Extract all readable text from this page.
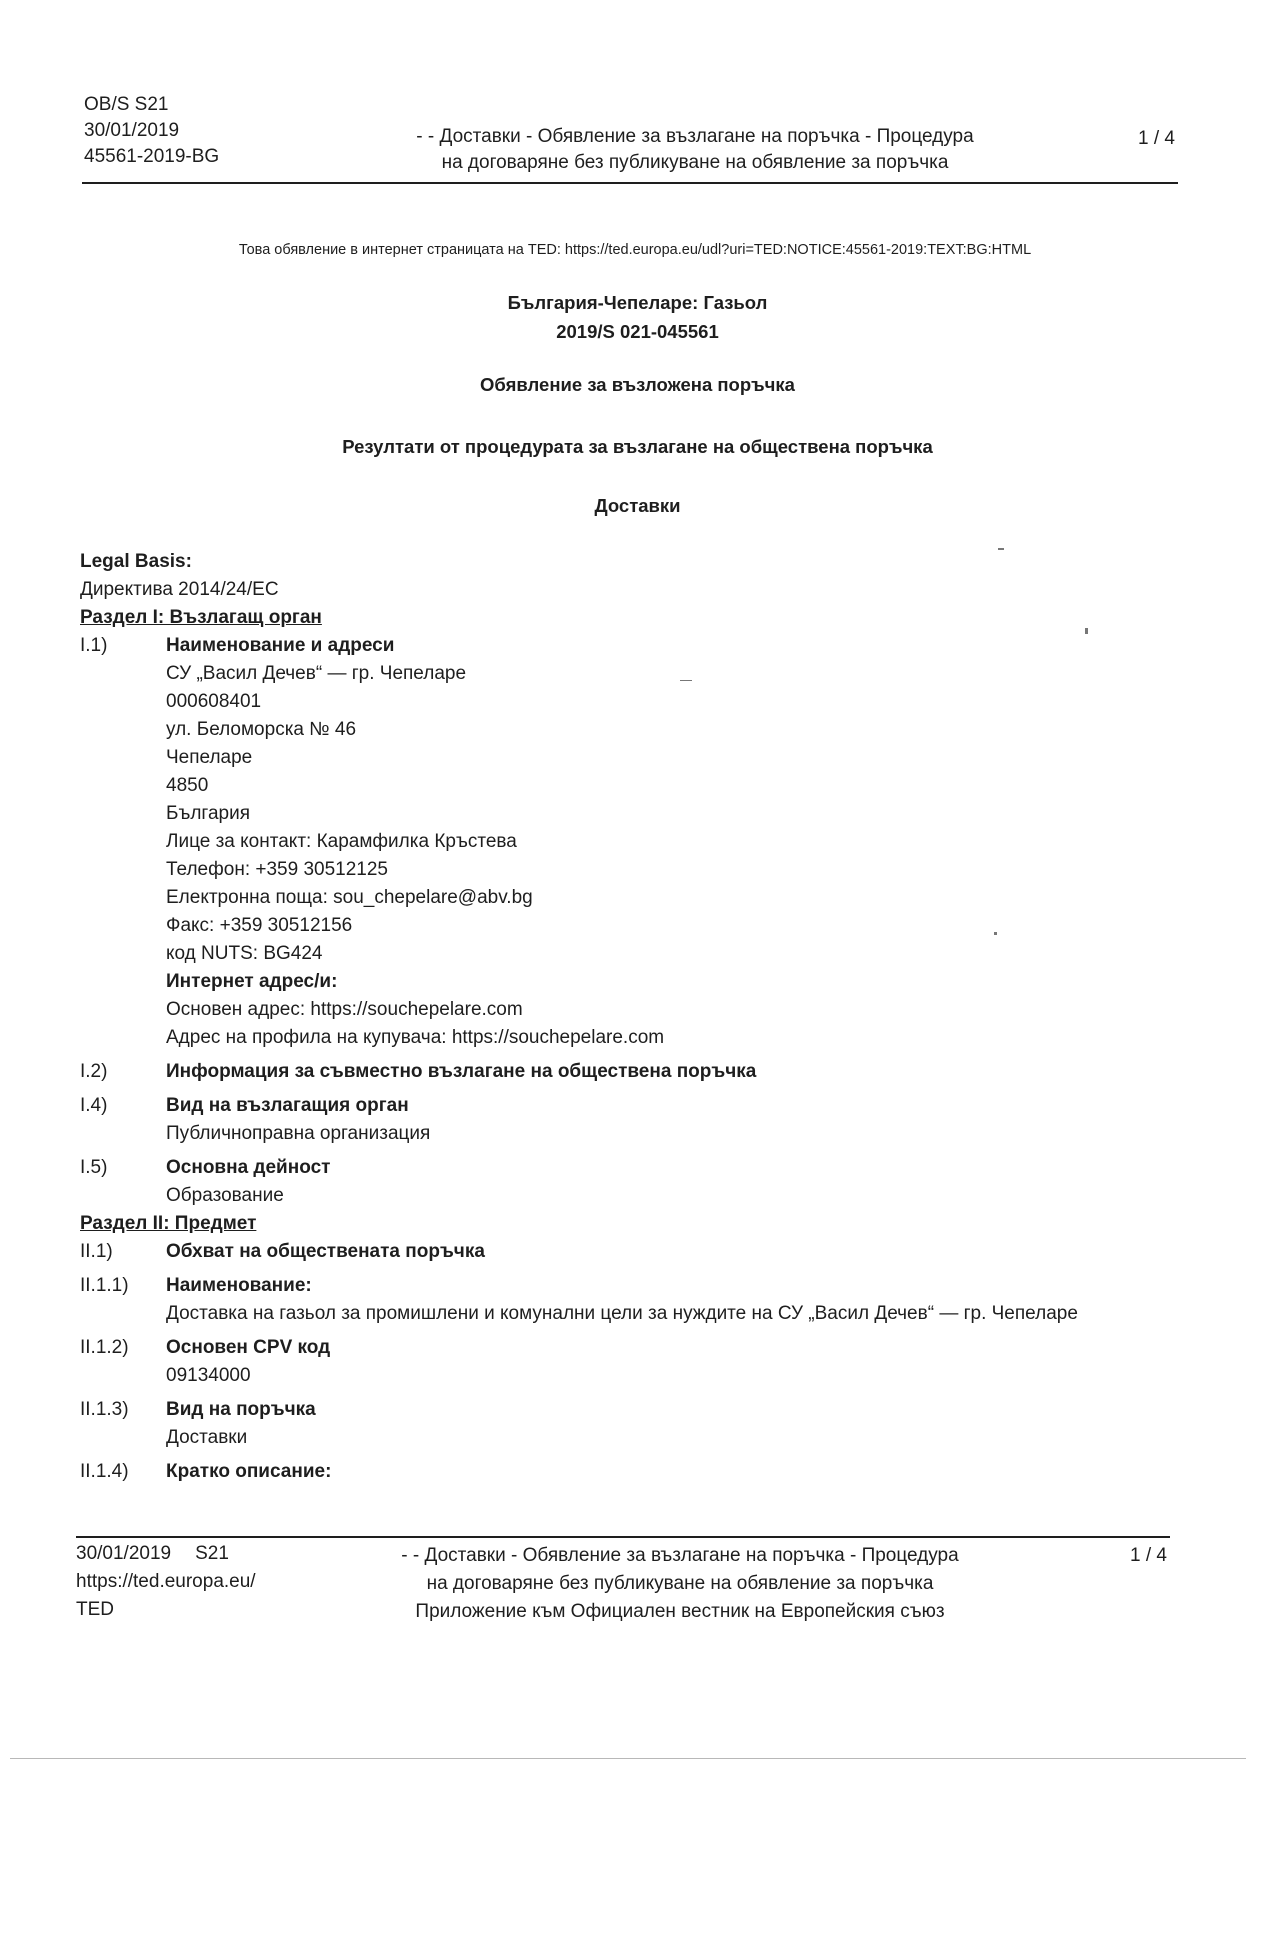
OB/S S21
30/01/2019
45561-2019-BG
- - Доставки - Обявление за възлагане на поръчка - Процедура
на договаряне без публикуване на обявление за поръчка
1 / 4
Това обявление в интернет страницата на TED: https://ted.europa.eu/udl?uri=TED:NOTICE:45561-2019:TEXT:BG:HTML
България-Чепеларе: Газьол
2019/S 021-045561
Обявление за възложена поръчка
Резултати от процедурата за възлагане на обществена поръчка
Доставки
Legal Basis:
Директива 2014/24/ЕС
Раздел I: Възлагащ орган
I.1)	Наименование и адреси
СУ „Васил Дечев“ — гр. Чепеларе
000608401
ул. Беломорска № 46
Чепеларе
4850
България
Лице за контакт: Карамфилка Кръстева
Телефон: +359 30512125
Електронна поща: sou_chepelare@abv.bg
Факс: +359 30512156
код NUTS: BG424
Интернет адрес/и:
Основен адрес: https://souchepelare.com
Адрес на профила на купувача: https://souchepelare.com
I.2)	Информация за съвместно възлагане на обществена поръчка
I.4)	Вид на възлагащия орган
Публичноправна организация
I.5)	Основна дейност
Образование
Раздел II: Предмет
II.1)	Обхват на обществената поръчка
II.1.1)	Наименование:
Доставка на газьол за промишлени и комунални цели за нуждите на СУ „Васил Дечев“ — гр. Чепеларе
II.1.2)	Основен CPV код
09134000
II.1.3)	Вид на поръчка
Доставки
II.1.4)	Кратко описание:
30/01/2019 S21
https://ted.europa.eu/
TED
- - Доставки - Обявление за възлагане на поръчка - Процедура
на договаряне без публикуване на обявление за поръчка
Приложение към Официален вестник на Европейския съюз
1 / 4
